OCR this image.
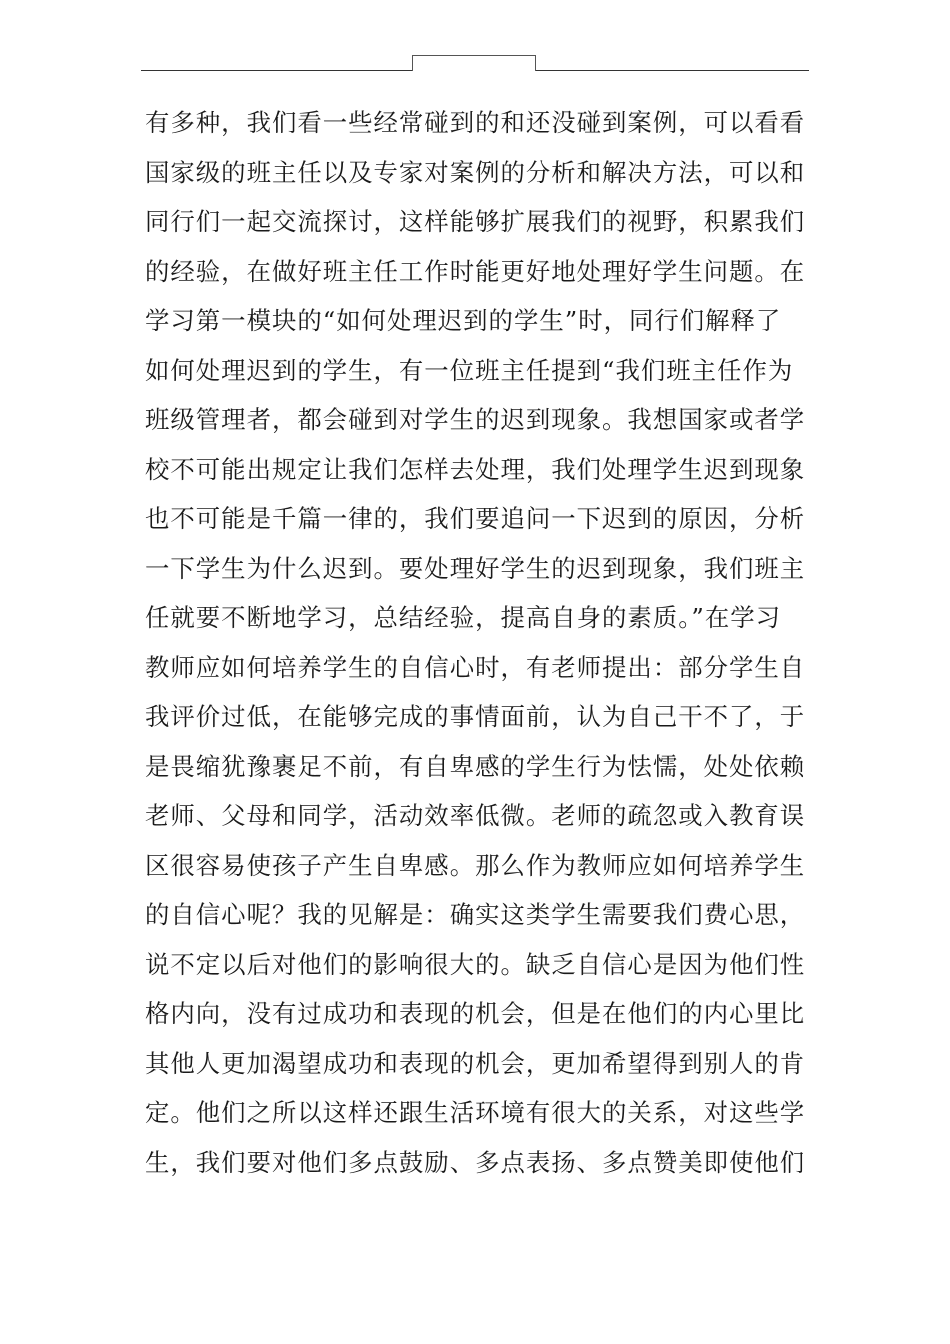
有多种，我们看一些经常碰到的和还没碰到案例，可以看看
国家级的班主任以及专家对案例的分析和解决方法，可以和
同行们一起交流探讨，这样能够扩展我们的视野，积累我们
的经验，在做好班主任工作时能更好地处理好学生问题。在
学习第一模块的“如何处理迟到的学生”时，同行们解释了
如何处理迟到的学生，有一位班主任提到“我们班主任作为
班级管理者，都会碰到对学生的迟到现象。我想国家或者学
校不可能出规定让我们怎样去处理，我们处理学生迟到现象
也不可能是千篇一律的，我们要追问一下迟到的原因，分析
一下学生为什么迟到。要处理好学生的迟到现象，我们班主
任就要不断地学习，总结经验，提高自身的素质。”在学习
教师应如何培养学生的自信心时，有老师提出：部分学生自
我评价过低，在能够完成的事情面前，认为自己干不了，于
是畏缩犹豫裹足不前，有自卑感的学生行为怯懦，处处依赖
老师、父母和同学，活动效率低微。老师的疏忽或入教育误
区很容易使孩子产生自卑感。那么作为教师应如何培养学生
的自信心呢？我的见解是：确实这类学生需要我们费心思，
说不定以后对他们的影响很大的。缺乏自信心是因为他们性
格内向，没有过成功和表现的机会，但是在他们的内心里比
其他人更加渴望成功和表现的机会，更加希望得到别人的肯
定。他们之所以这样还跟生活环境有很大的关系，对这些学
生，我们要对他们多点鼓励、多点表扬、多点赞美即使他们
